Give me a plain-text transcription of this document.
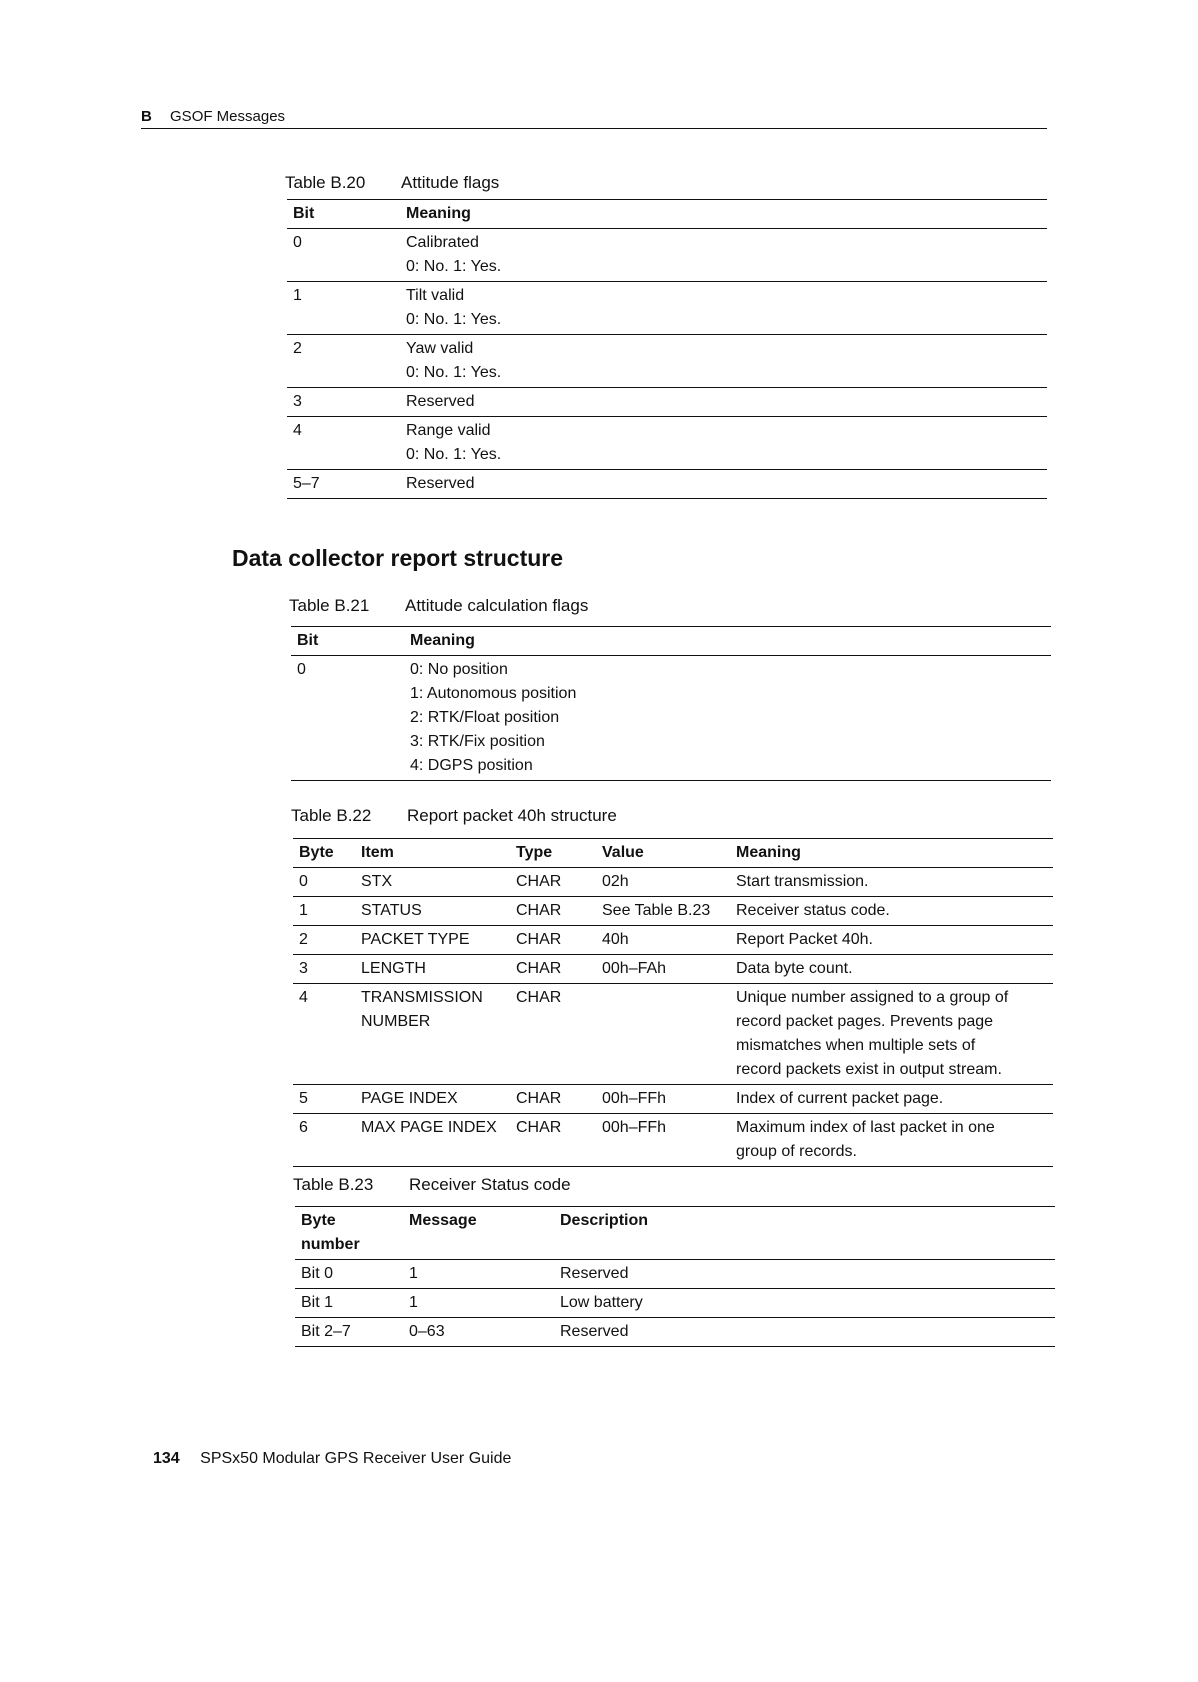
B GSOF Messages
Table B.20 Attitude flags
Bit	Meaning
0	Calibrated
0: No. 1: Yes.

1	Tilt valid
0: No. 1: Yes.

2	Yaw valid
0: No. 1: Yes.

3	Reserved

4	Range valid
0: No. 1: Yes.

5–7	Reserved
Data collector report structure
Table B.21 Attitude calculation flags
Bit	Meaning
0	0: No position
1: Autonomous position
2: RTK/Float position
3: RTK/Fix position
4: DGPS position
Table B.22 Report packet 40h structure
Byte	Item	Type	Value	Meaning
0	STX	CHAR	02h	Start transmission.

1	STATUS	CHAR	See Table B.23	Receiver status code.

2	PACKET TYPE	CHAR	40h	Report Packet 40h.

3	LENGTH	CHAR	00h–FAh	Data byte count.

4	TRANSMISSION
NUMBER	CHAR		Unique number assigned to a group of
record packet pages. Prevents page
mismatches when multiple sets of
record packets exist in output stream.

5	PAGE INDEX	CHAR	00h–FFh	Index of current packet page.

6	MAX PAGE INDEX	CHAR	00h–FFh	Maximum index of last packet in one
group of records.
Table B.23 Receiver Status code
Byte
number	Message	Description

Bit 0	1	Reserved
Bit 1	1	Low battery
Bit 2–7	0–63	Reserved
134 SPSx50 Modular GPS Receiver User Guide
